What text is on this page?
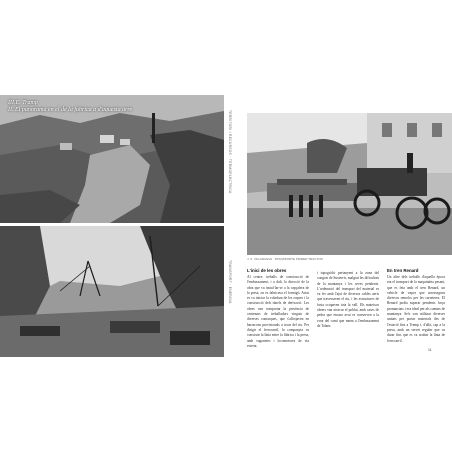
III.E. Tramp
II. El panorama en el de la fabrica a d'aquesta arre	TERRITORI I RECURSOS · TERMOELECTRICA
TRANSPORT · ENERGIA
J. S. VILLANUEVA · TRANSPORTE PRIMER TRACTOR
L'inici de les obres

Al centre, treballs de construcció de l'embassament, i a dalt, la direcció de la obra que va instal·lar-se a la capçalera de la presa, on es fabricava el formigó. Aviat es va iniciar la voladura de les roques i la construcció dels túnels de derivació. Les obres van comportar la presència de centenars de treballadors vinguts de diverses comarques, que s'allotjaven en barracons provisionals a tocar del riu. Per dirigir el ferrocarril, la companyia va construir la línia entre la fàbrica i la presa, amb vagonetes i locomotores de via estreta.

i topogràfic pertanyent a la zona del congost de Susterris, malgrat les dificultats de la muntanya i les seves pendents. L'ordenació del transport del material es va fer amb l'ajut de diversos cables aeris que travessaven el riu, i les estructures de fusta ocupaven tota la vall. Els mateixos obrers van aixecar el poblat, amb cases de pedra que encara avui es conserven a la vora del camí que mena a l'embassament de Talarn.

En tren Renard

Un altre dels treballs d'aquella època era el transport de la maquinària pesant, que es feia amb el tren Renard, un vehicle de vapor que arrossegava diversos remolcs per les carreteres. El Renard podia superar pendents força pronunciats i era ideal per als camins de muntanya. Se'n van utilitzar diverses unitats per portar materials des de l'estació fins a Tremp i, d'allà, cap a la presa, amb un servei regular que va durar fins que es va acabar la línia de ferrocarril.

11
